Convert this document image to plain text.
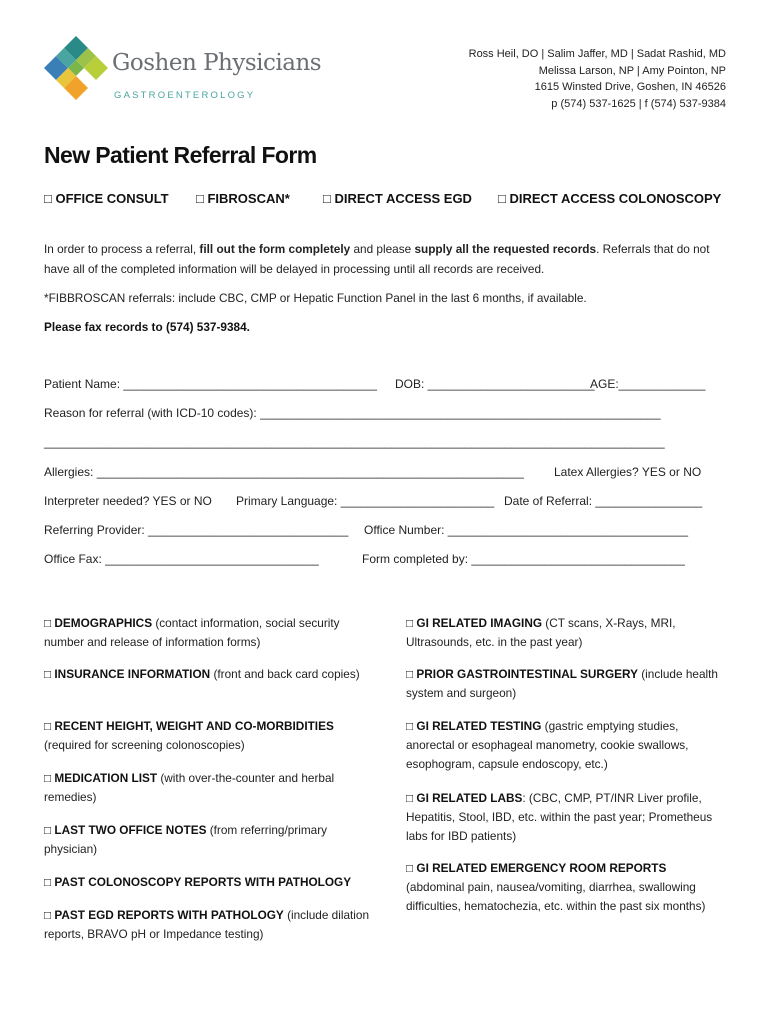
Goshen Physicians
GASTROENTEROLOGY
Ross Heil, DO | Salim Jaffer, MD | Sadat Rashid, MD
Melissa Larson, NP | Amy Pointon, NP
1615 Winsted Drive, Goshen, IN 46526
p (574) 537-1625 | f (574) 537-9384
New Patient Referral Form
□ OFFICE CONSULT □ FIBROSCAN*	□ DIRECT ACCESS EGD □ DIRECT ACCESS COLONOSCOPY

In order to process a referral, fill out the form completely and please supply all the requested records. Referrals that do not have all of the completed information will be delayed in processing until all records are received.

*FIBBROSCAN referrals: include CBC, CMP or Hepatic Function Panel in the last 6 months, if available.

Please fax records to (574) 537-9384.

Patient Name: ______________________________________ DOB: _________________________
AGE:_____________
Reason for referral (with ICD-10 codes): ____________________________________________________________
_____________________________________________________________________________________________
Allergies: ________________________________________________________________	Latex Allergies? YES or NO
Interpreter needed? YES or NO Primary Language: _______________________ Date of Referral: ________________
Referring Provider: ______________________________ Office Number: ____________________________________
Office Fax: ________________________________	Form completed by: ________________________________

□ DEMOGRAPHICS (contact information, social security number and release of information forms)

□ INSURANCE INFORMATION (front and back card copies)

□ RECENT HEIGHT, WEIGHT AND CO-MORBIDITIES (required for screening colonoscopies)

□ MEDICATION LIST (with over-the-counter and herbal remedies)

□ LAST TWO OFFICE NOTES (from referring/primary physician)

□ PAST COLONOSCOPY REPORTS WITH PATHOLOGY

□ PAST EGD REPORTS WITH PATHOLOGY (include dilation reports, BRAVO pH or Impedance testing)

□ GI RELATED IMAGING (CT scans, X-Rays, MRI, Ultrasounds, etc. in the past year)

□ PRIOR GASTROINTESTINAL SURGERY (include health system and surgeon)

□ GI RELATED TESTING (gastric emptying studies, anorectal or esophageal manometry, cookie swallows, esophogram, capsule endoscopy, etc.)

□ GI RELATED LABS: (CBC, CMP, PT/INR Liver profile, Hepatitis, Stool, IBD, etc. within the past year; Prometheus labs for IBD patients)

□ GI RELATED EMERGENCY ROOM REPORTS (abdominal pain, nausea/vomiting, diarrhea, swallowing difficulties, hematochezia, etc. within the past six months)
